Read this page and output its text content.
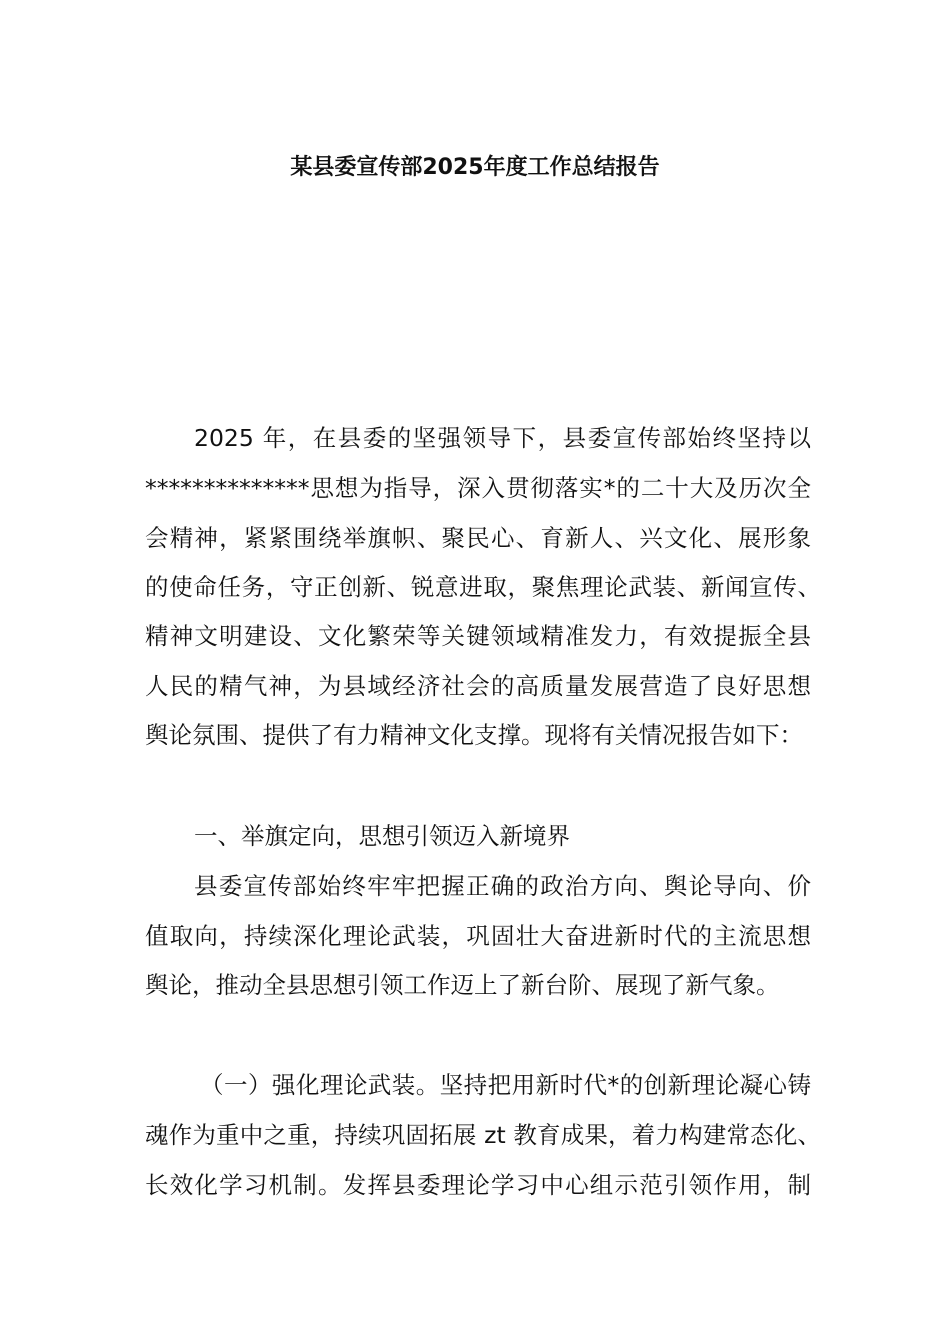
某县委宣传部2025年度工作总结报告
2025 年，在县委的坚强领导下，县委宣传部始终坚持以
**************思想为指导，深入贯彻落实*的二十大及历次全
会精神，紧紧围绕举旗帜、聚民心、育新人、兴文化、展形象
的使命任务，守正创新、锐意进取，聚焦理论武装、新闻宣传、
精神文明建设、文化繁荣等关键领域精准发力，有效提振全县
人民的精气神，为县域经济社会的高质量发展营造了良好思想
舆论氛围、提供了有力精神文化支撑。现将有关情况报告如下：
一、举旗定向，思想引领迈入新境界
县委宣传部始终牢牢把握正确的政治方向、舆论导向、价
值取向，持续深化理论武装，巩固壮大奋进新时代的主流思想
舆论，推动全县思想引领工作迈上了新台阶、展现了新气象。
（一）强化理论武装。坚持把用新时代*的创新理论凝心铸
魂作为重中之重，持续巩固拓展 zt 教育成果，着力构建常态化、
长效化学习机制。发挥县委理论学习中心组示范引领作用，制
